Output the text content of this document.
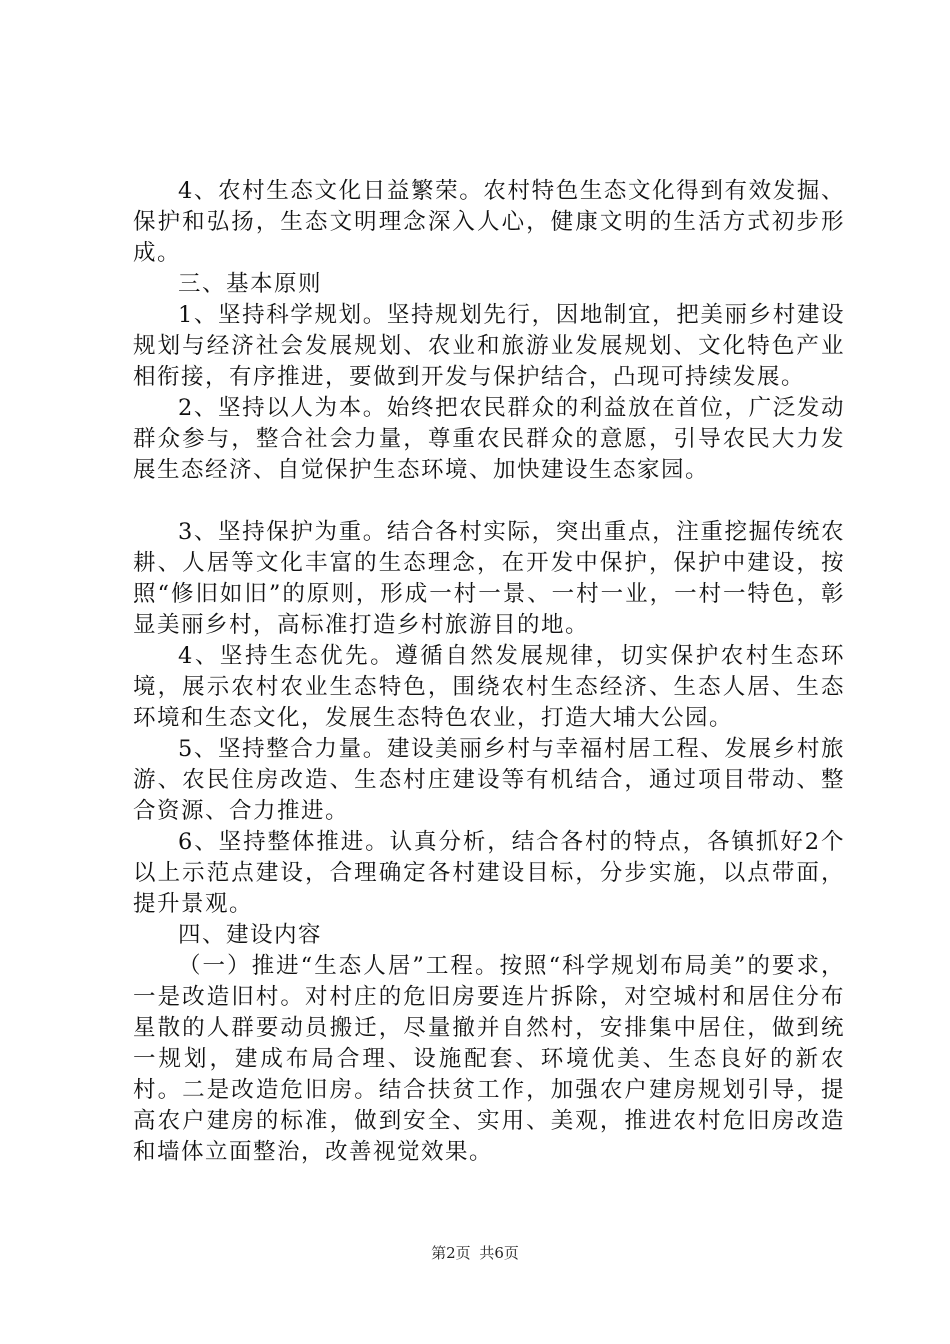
4、农村生态文化日益繁荣。农村特色生态文化得到有效发掘、保护和弘扬，生态文明理念深入人心，健康文明的生活方式初步形成。

三、基本原则

1、坚持科学规划。坚持规划先行，因地制宜，把美丽乡村建设规划与经济社会发展规划、农业和旅游业发展规划、文化特色产业相衔接，有序推进，要做到开发与保护结合，凸现可持续发展。

2、坚持以人为本。始终把农民群众的利益放在首位，广泛发动群众参与，整合社会力量，尊重农民群众的意愿，引导农民大力发展生态经济、自觉保护生态环境、加快建设生态家园。

3、坚持保护为重。结合各村实际，突出重点，注重挖掘传统农耕、人居等文化丰富的生态理念，在开发中保护，保护中建设，按照“修旧如旧”的原则，形成一村一景、一村一业，一村一特色，彰显美丽乡村，高标准打造乡村旅游目的地。

4、坚持生态优先。遵循自然发展规律，切实保护农村生态环境，展示农村农业生态特色，围绕农村生态经济、生态人居、生态环境和生态文化，发展生态特色农业，打造大埔大公园。

5、坚持整合力量。建设美丽乡村与幸福村居工程、发展乡村旅游、农民住房改造、生态村庄建设等有机结合，通过项目带动、整合资源、合力推进。

6、坚持整体推进。认真分析，结合各村的特点，各镇抓好2个以上示范点建设，合理确定各村建设目标，分步实施，以点带面，提升景观。

四、建设内容

（一）推进“生态人居”工程。按照“科学规划布局美”的要求，一是改造旧村。对村庄的危旧房要连片拆除，对空城村和居住分布星散的人群要动员搬迁，尽量撤并自然村，安排集中居住，做到统一规划，建成布局合理、设施配套、环境优美、生态良好的新农村。二是改造危旧房。结合扶贫工作，加强农户建房规划引导，提高农户建房的标准，做到安全、实用、美观，推进农村危旧房改造和墙体立面整治，改善视觉效果。

第2页 共6页
